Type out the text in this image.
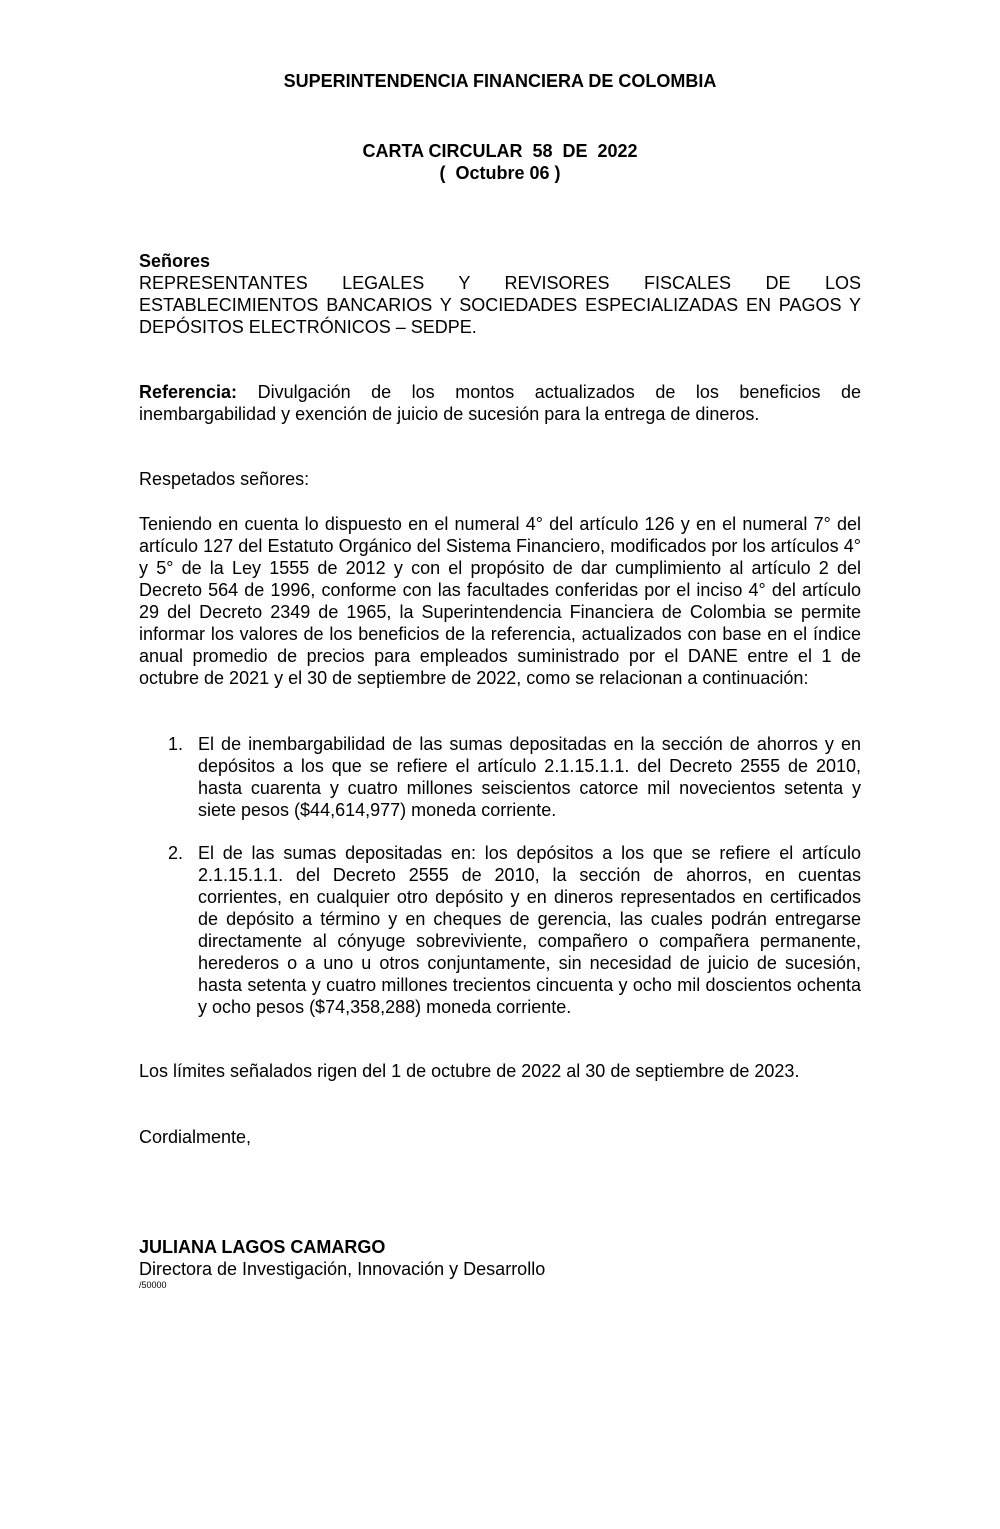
SUPERINTENDENCIA FINANCIERA DE COLOMBIA
CARTA CIRCULAR  58  DE  2022
(  Octubre 06 )
Señores
REPRESENTANTES LEGALES Y REVISORES FISCALES DE LOS ESTABLECIMIENTOS BANCARIOS Y SOCIEDADES ESPECIALIZADAS EN PAGOS Y DEPÓSITOS ELECTRÓNICOS – SEDPE.
Referencia: Divulgación de los montos actualizados de los beneficios de inembargabilidad y exención de juicio de sucesión para la entrega de dineros.
Respetados señores:
Teniendo en cuenta lo dispuesto en el numeral 4° del artículo 126 y en el numeral 7° del artículo 127 del Estatuto Orgánico del Sistema Financiero, modificados por los artículos 4° y 5° de la Ley 1555 de 2012 y con el propósito de dar cumplimiento al artículo 2 del Decreto 564 de 1996, conforme con las facultades conferidas por el inciso 4° del artículo 29 del Decreto 2349 de 1965, la Superintendencia Financiera de Colombia se permite informar los valores de los beneficios de la referencia, actualizados con base en el índice anual promedio de precios para empleados suministrado por el DANE entre el 1 de octubre de 2021 y el 30 de septiembre de 2022, como se relacionan a continuación:
1. El de inembargabilidad de las sumas depositadas en la sección de ahorros y en depósitos a los que se refiere el artículo 2.1.15.1.1. del Decreto 2555 de 2010, hasta cuarenta y cuatro millones seiscientos catorce mil novecientos setenta y siete pesos ($44,614,977) moneda corriente.
2. El de las sumas depositadas en: los depósitos a los que se refiere el artículo 2.1.15.1.1. del Decreto 2555 de 2010, la sección de ahorros, en cuentas corrientes, en cualquier otro depósito y en dineros representados en certificados de depósito a término y en cheques de gerencia, las cuales podrán entregarse directamente al cónyuge sobreviviente, compañero o compañera permanente, herederos o a uno u otros conjuntamente, sin necesidad de juicio de sucesión, hasta setenta y cuatro millones trecientos cincuenta y ocho mil doscientos ochenta y ocho pesos ($74,358,288) moneda corriente.
Los límites señalados rigen del 1 de octubre de 2022 al 30 de septiembre de 2023.
Cordialmente,
JULIANA LAGOS CAMARGO
Directora de Investigación, Innovación y Desarrollo
/50000
